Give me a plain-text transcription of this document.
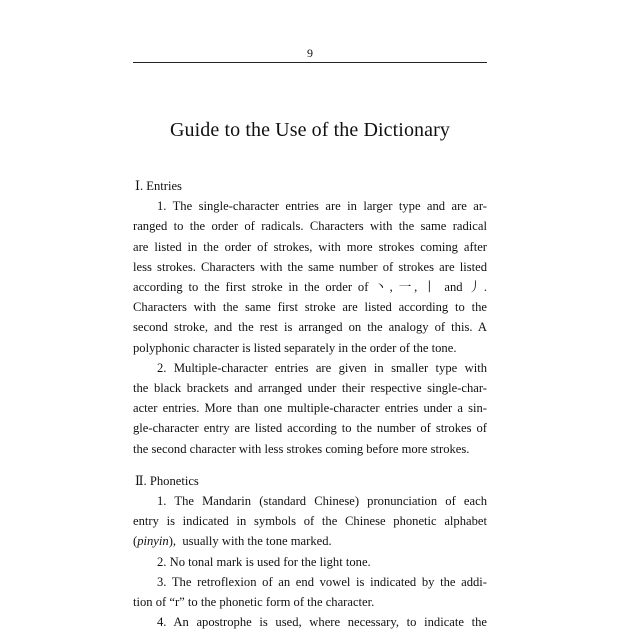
9
Guide to the Use of the Dictionary
Ⅰ. Entries
1. The single-character entries are in larger type and are ar-
ranged to the order of radicals. Characters with the same radical
are listed in the order of strokes, with more strokes coming after
less strokes. Characters with the same number of strokes are listed
according to the first stroke in the order of 丶, 一, 丨 and 丿.
Characters with the same first stroke are listed according to the
second stroke, and the rest is arranged on the analogy of this. A
polyphonic character is listed separately in the order of the tone.
2. Multiple-character entries are given in smaller type with
the black brackets and arranged under their respective single-char-
acter entries. More than one multiple-character entries under a sin-
gle-character entry are listed according to the number of strokes of
the second character with less strokes coming before more strokes.
Ⅱ. Phonetics
1. The Mandarin (standard Chinese) pronunciation of each
entry is indicated in symbols of the Chinese phonetic alphabet
(pinyin),  usually with the tone marked.
2. No tonal mark is used for the light tone.
3. The retroflexion of an end vowel is indicated by the addi-
tion of “r” to the phonetic form of the character.
4. An apostrophe is used, where necessary, to indicate the
